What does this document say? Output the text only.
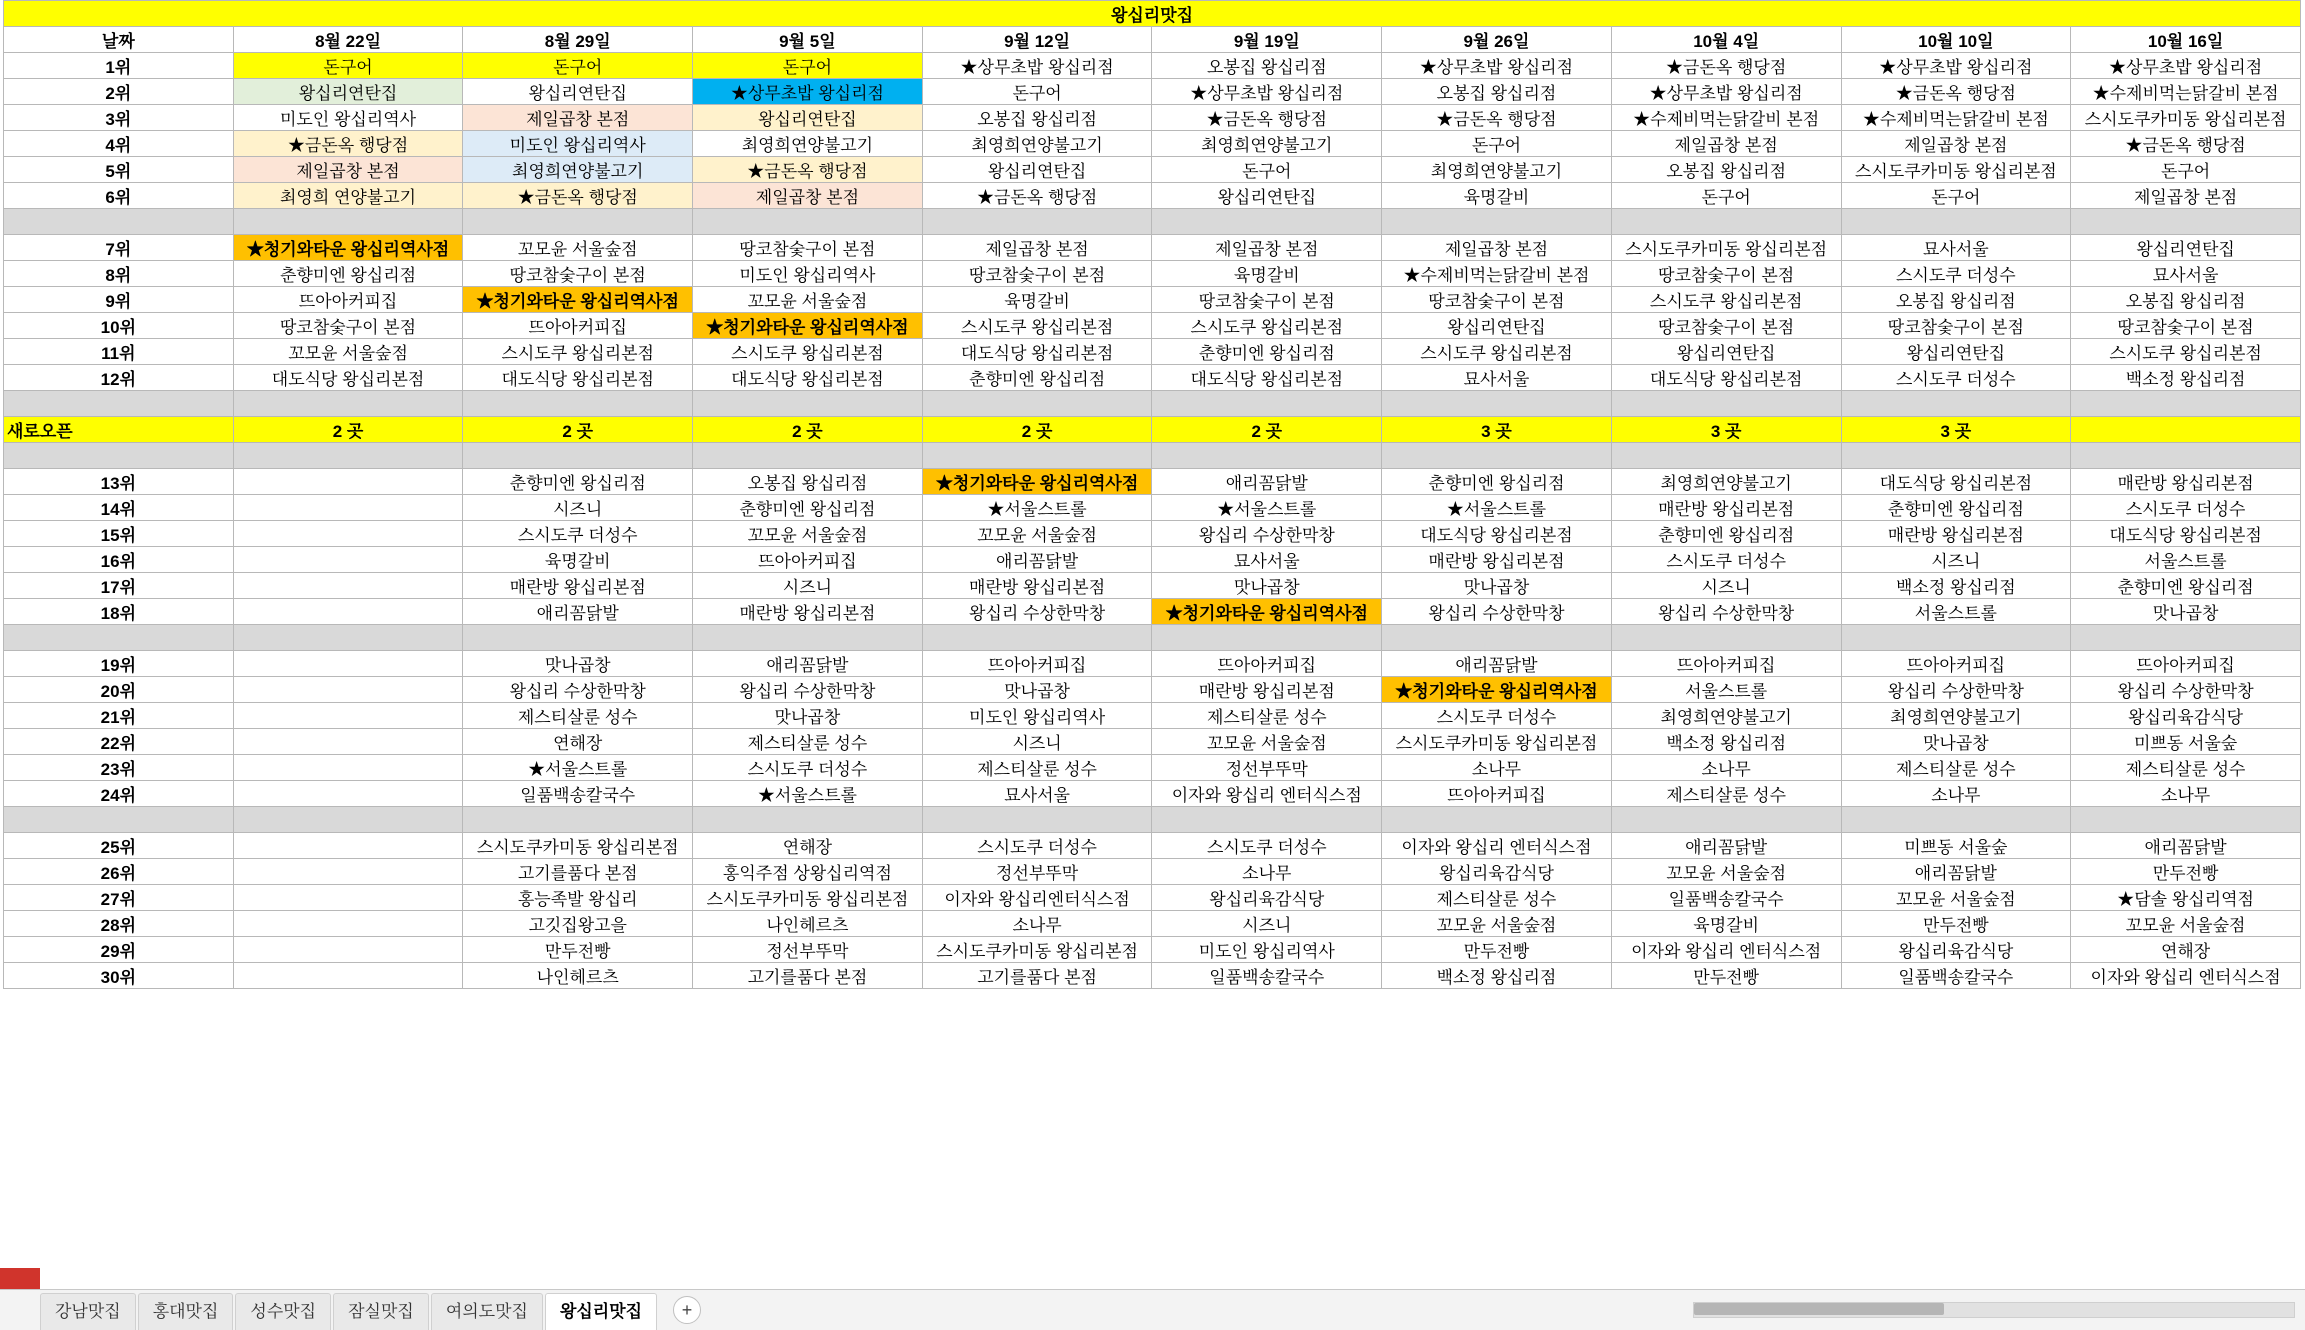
왕십리맛집									
날짜	8월 22일	8월 29일	9월 5일	9월 12일	9월 19일	9월 26일	10월 4일	10월 10일	10월 16일
1위	돈구어	돈구어	돈구어	★상무초밥 왕십리점	오봉집 왕십리점	★상무초밥 왕십리점	★금돈옥 행당점	★상무초밥 왕십리점	★상무초밥 왕십리점
2위	왕십리연탄집	왕십리연탄집	★상무초밥 왕십리점	돈구어	★상무초밥 왕십리점	오봉집 왕십리점	★상무초밥 왕십리점	★금돈옥 행당점	★수제비먹는닭갈비 본점
3위	미도인 왕십리역사	제일곱창 본점	왕십리연탄집	오봉집 왕십리점	★금돈옥 행당점	★금돈옥 행당점	★수제비먹는닭갈비 본점	★수제비먹는닭갈비 본점	스시도쿠카미동 왕십리본점
4위	★금돈옥 행당점	미도인 왕십리역사	최영희연양불고기	최영희연양불고기	최영희연양불고기	돈구어	제일곱창 본점	제일곱창 본점	★금돈옥 행당점
5위	제일곱창 본점	최영희연양불고기	★금돈옥 행당점	왕십리연탄집	돈구어	최영희연양불고기	오봉집 왕십리점	스시도쿠카미동 왕십리본점	돈구어
6위	최영희 연양불고기	★금돈옥 행당점	제일곱창 본점	★금돈옥 행당점	왕십리연탄집	육명갈비	돈구어	돈구어	제일곱창 본점

7위	★청기와타운 왕십리역사점	꼬모윤 서울숲점	땅코참숯구이 본점	제일곱창 본점	제일곱창 본점	제일곱창 본점	스시도쿠카미동 왕십리본점	묘사서울	왕십리연탄집
8위	춘향미엔 왕십리점	땅코참숯구이 본점	미도인 왕십리역사	땅코참숯구이 본점	육명갈비	★수제비먹는닭갈비 본점	땅코참숯구이 본점	스시도쿠 더성수	묘사서울
9위	뜨아아커피집	★청기와타운 왕십리역사점	꼬모윤 서울숲점	육명갈비	땅코참숯구이 본점	땅코참숯구이 본점	스시도쿠 왕십리본점	오봉집 왕십리점	오봉집 왕십리점
10위	땅코참숯구이 본점	뜨아아커피집	★청기와타운 왕십리역사점	스시도쿠 왕십리본점	스시도쿠 왕십리본점	왕십리연탄집	땅코참숯구이 본점	땅코참숯구이 본점	땅코참숯구이 본점
11위	꼬모윤 서울숲점	스시도쿠 왕십리본점	스시도쿠 왕십리본점	대도식당 왕십리본점	춘향미엔 왕십리점	스시도쿠 왕십리본점	왕십리연탄집	왕십리연탄집	스시도쿠 왕십리본점
12위	대도식당 왕십리본점	대도식당 왕십리본점	대도식당 왕십리본점	춘향미엔 왕십리점	대도식당 왕십리본점	묘사서울	대도식당 왕십리본점	스시도쿠 더성수	백소정 왕십리점

새로오픈	2 곳	2 곳	2 곳	2 곳	2 곳	3 곳	3 곳	3 곳	

13위		춘향미엔 왕십리점	오봉집 왕십리점	★청기와타운 왕십리역사점	애리꼼닭발	춘향미엔 왕십리점	최영희연양불고기	대도식당 왕십리본점	매란방 왕십리본점
14위		시즈니	춘향미엔 왕십리점	★서울스트롤	★서울스트롤	★서울스트롤	매란방 왕십리본점	춘향미엔 왕십리점	스시도쿠 더성수
15위		스시도쿠 더성수	꼬모윤 서울숲점	꼬모윤 서울숲점	왕십리 수상한막창	대도식당 왕십리본점	춘향미엔 왕십리점	매란방 왕십리본점	대도식당 왕십리본점
16위		육명갈비	뜨아아커피집	애리꼼닭발	묘사서울	매란방 왕십리본점	스시도쿠 더성수	시즈니	서울스트롤
17위		매란방 왕십리본점	시즈니	매란방 왕십리본점	맛나곱창	맛나곱창	시즈니	백소정 왕십리점	춘향미엔 왕십리점
18위		애리꼼닭발	매란방 왕십리본점	왕십리 수상한막창	★청기와타운 왕십리역사점	왕십리 수상한막창	왕십리 수상한막창	서울스트롤	맛나곱창

19위		맛나곱창	애리꼼닭발	뜨아아커피집	뜨아아커피집	애리꼼닭발	뜨아아커피집	뜨아아커피집	뜨아아커피집
20위		왕십리 수상한막창	왕십리 수상한막창	맛나곱창	매란방 왕십리본점	★청기와타운 왕십리역사점	서울스트롤	왕십리 수상한막창	왕십리 수상한막창
21위		제스티살룬 성수	맛나곱창	미도인 왕십리역사	제스티살룬 성수	스시도쿠 더성수	최영희연양불고기	최영희연양불고기	왕십리육감식당
22위		연해장	제스티살룬 성수	시즈니	꼬모윤 서울숲점	스시도쿠카미동 왕십리본점	백소정 왕십리점	맛나곱창	미쁘동 서울숲
23위		★서울스트롤	스시도쿠 더성수	제스티살룬 성수	정선부뚜막	소나무	소나무	제스티살룬 성수	제스티살룬 성수
24위		일품백송칼국수	★서울스트롤	묘사서울	이자와 왕십리 엔터식스점	뜨아아커피집	제스티살룬 성수	소나무	소나무

25위		스시도쿠카미동 왕십리본점	연해장	스시도쿠 더성수	스시도쿠 더성수	이자와 왕십리 엔터식스점	애리꼼닭발	미쁘동 서울숲	애리꼼닭발
26위		고기를품다 본점	홍익주점 상왕십리역점	정선부뚜막	소나무	왕십리육감식당	꼬모윤 서울숲점	애리꼼닭발	만두전빵
27위		홍능족발 왕십리	스시도쿠카미동 왕십리본점	이자와 왕십리엔터식스점	왕십리육감식당	제스티살룬 성수	일품백송칼국수	꼬모윤 서울숲점	★담솔 왕십리역점
28위		고깃집왕고을	나인헤르츠	소나무	시즈니	꼬모윤 서울숲점	육명갈비	만두전빵	꼬모윤 서울숲점
29위		만두전빵	정선부뚜막	스시도쿠카미동 왕십리본점	미도인 왕십리역사	만두전빵	이자와 왕십리 엔터식스점	왕십리육감식당	연해장
30위		나인헤르츠	고기를품다 본점	고기를품다 본점	일품백송칼국수	백소정 왕십리점	만두전빵	일품백송칼국수	이자와 왕십리 엔터식스점
강남맛집	홍대맛집	성수맛집	잠실맛집	여의도맛집	왕십리맛집	+
